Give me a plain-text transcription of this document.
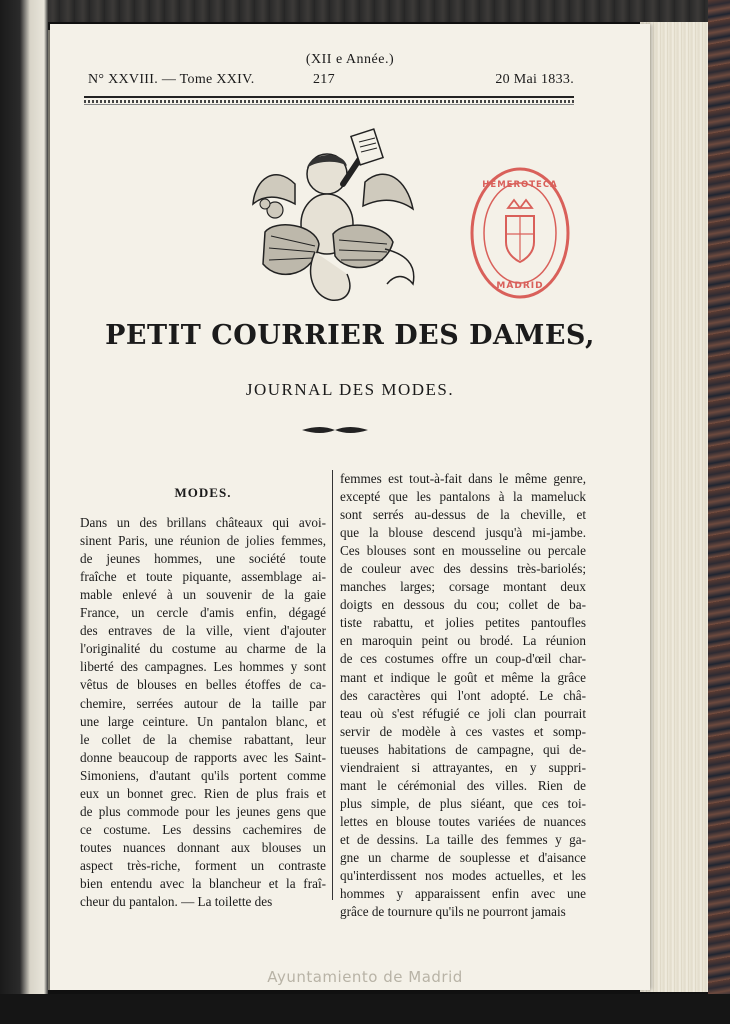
(XII e Année.)
N° XXVIII. — Tome XXIV.	217	20 Mai 1833.
HEMEROTECA
MADRID
PETIT COURRIER DES DAMES,
JOURNAL DES MODES.

MODES.

Dans un des brillans châteaux qui avoi-
sinent Paris, une réunion de jolies femmes,
de jeunes hommes, une société toute
fraîche et toute piquante, assemblage ai-
mable enlevé à un souvenir de la gaie
France, un cercle d'amis enfin, dégagé
des entraves de la ville, vient d'ajouter
l'originalité du costume au charme de la
liberté des campagnes. Les hommes y sont
vêtus de blouses en belles étoffes de ca-
chemire, serrées autour de la taille par
une large ceinture. Un pantalon blanc, et
le collet de la chemise rabattant, leur
donne beaucoup de rapports avec les Saint-
Simoniens, d'autant qu'ils portent comme
eux un bonnet grec. Rien de plus frais et
de plus commode pour les jeunes gens que
ce costume. Les dessins cachemires de
toutes nuances donnant aux blouses un
aspect très-riche, forment un contraste
bien entendu avec la blancheur et la fraî-
cheur du pantalon. — La toilette des
femmes est tout-à-fait dans le même genre,
excepté que les pantalons à la mameluck
sont serrés au-dessus de la cheville, et
que la blouse descend jusqu'à mi-jambe.
Ces blouses sont en mousseline ou percale
de couleur avec des dessins très-bariolés;
manches larges; corsage montant deux
doigts en dessous du cou; collet de ba-
tiste rabattu, et jolies petites pantoufles
en maroquin peint ou brodé. La réunion
de ces costumes offre un coup-d'œil char-
mant et indique le goût et même la grâce
des caractères qui l'ont adopté. Le châ-
teau où s'est réfugié ce joli clan pourrait
servir de modèle à ces vastes et somp-
tueuses habitations de campagne, qui de-
viendraient si attrayantes, en y suppri-
mant le cérémonial des villes. Rien de
plus simple, de plus siéant, que ces toi-
lettes en blouse toutes variées de nuances
et de dessins. La taille des femmes y ga-
gne un charme de souplesse et d'aisance
qu'interdissent nos modes actuelles, et les
hommes y apparaissent enfin avec une
grâce de tournure qu'ils ne pourront jamais
Ayuntamiento de Madrid
